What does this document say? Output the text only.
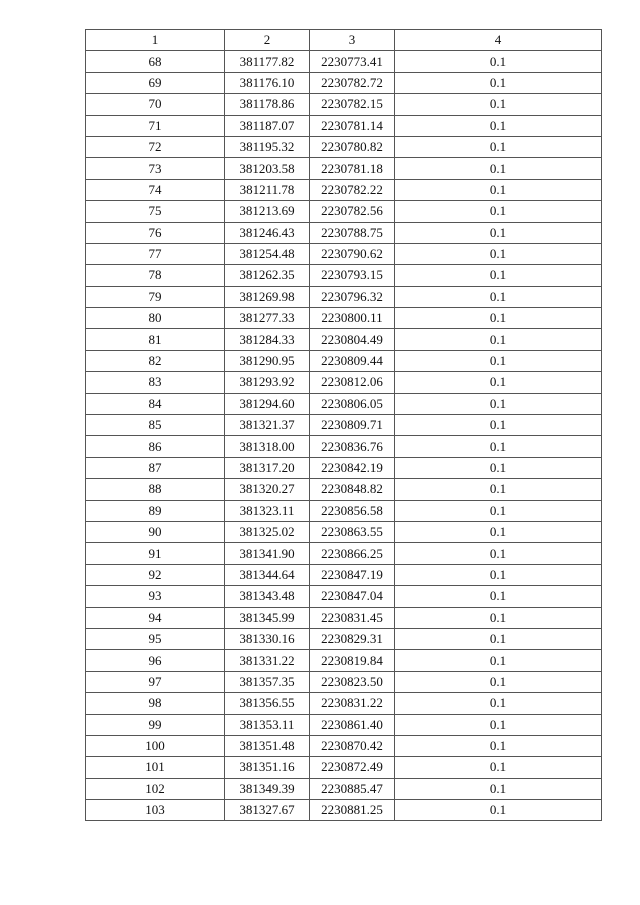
1	2	3	4
68	381177.82	2230773.41	0.1
69	381176.10	2230782.72	0.1
70	381178.86	2230782.15	0.1
71	381187.07	2230781.14	0.1
72	381195.32	2230780.82	0.1
73	381203.58	2230781.18	0.1
74	381211.78	2230782.22	0.1
75	381213.69	2230782.56	0.1
76	381246.43	2230788.75	0.1
77	381254.48	2230790.62	0.1
78	381262.35	2230793.15	0.1
79	381269.98	2230796.32	0.1
80	381277.33	2230800.11	0.1
81	381284.33	2230804.49	0.1
82	381290.95	2230809.44	0.1
83	381293.92	2230812.06	0.1
84	381294.60	2230806.05	0.1
85	381321.37	2230809.71	0.1
86	381318.00	2230836.76	0.1
87	381317.20	2230842.19	0.1
88	381320.27	2230848.82	0.1
89	381323.11	2230856.58	0.1
90	381325.02	2230863.55	0.1
91	381341.90	2230866.25	0.1
92	381344.64	2230847.19	0.1
93	381343.48	2230847.04	0.1
94	381345.99	2230831.45	0.1
95	381330.16	2230829.31	0.1
96	381331.22	2230819.84	0.1
97	381357.35	2230823.50	0.1
98	381356.55	2230831.22	0.1
99	381353.11	2230861.40	0.1
100	381351.48	2230870.42	0.1
101	381351.16	2230872.49	0.1
102	381349.39	2230885.47	0.1
103	381327.67	2230881.25	0.1
